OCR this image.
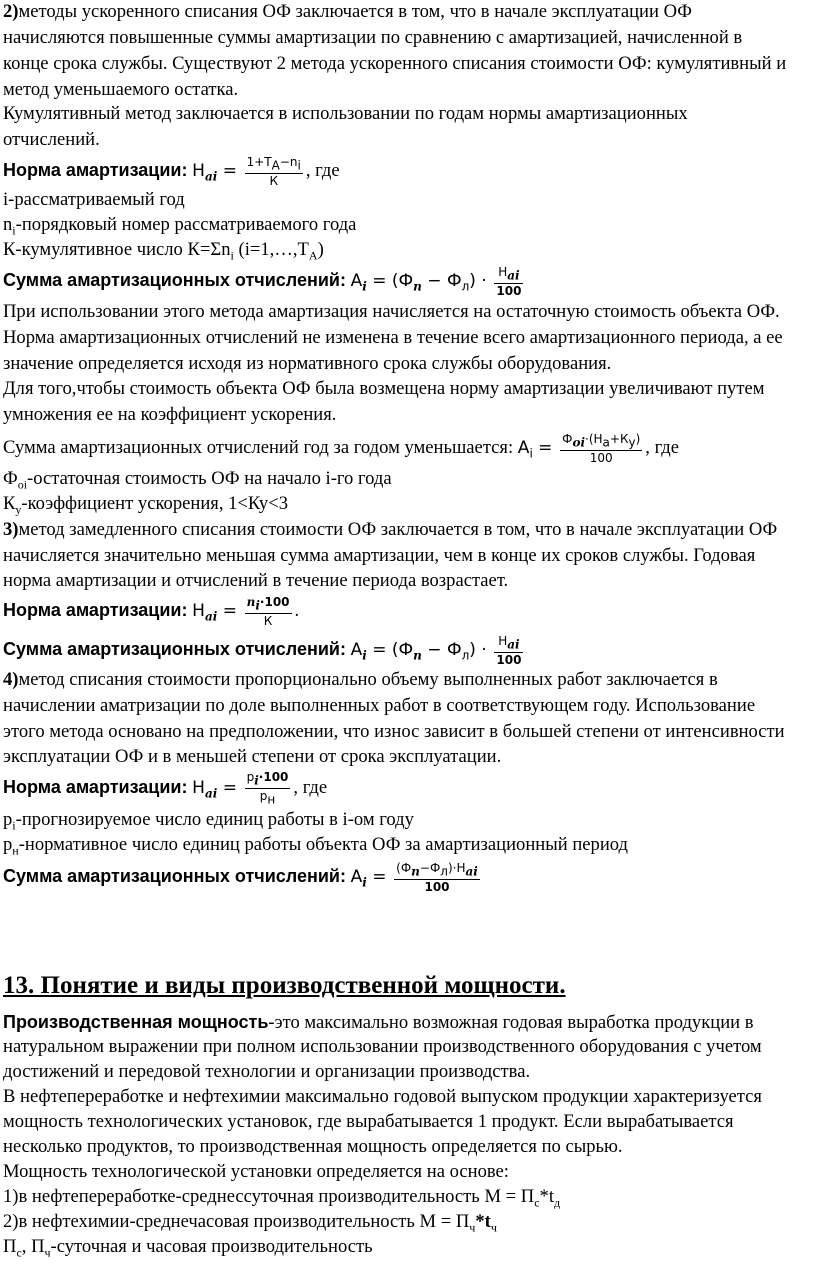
2)методы ускоренного списания ОФ заключается в том, что в начале эксплуатации ОФ
начисляются повышенные суммы амартизации по сравнению с амартизацией, начисленной в
конце срока службы. Существуют 2 метода ускоренного списания стоимости ОФ: кумулятивный и
метод уменьшаемого остатка.
Кумулятивный метод заключается в использовании по годам нормы амартизационных
отчислений.
Норма амартизации: $Н_{ai} = \frac{1+Т_А-n_i}{К}$ , где
i-рассматриваемый год
$n_i$-порядковый номер рассматриваемого года
К-кумулятивное число $К=\Sigma n_i$ $(i=1,\dots,Т_А)$
Сумма амартизационных отчислений: $А_i = (Ф_п - Ф_л) \cdot \frac{Н_{ai}}{100}$
При использовании этого метода амартизация начисляется на остаточную стоимость объекта ОФ.
Норма амартизационных отчислений не изменена в течение всего амартизационного периода, а ее
значение определяется исходя из нормативного срока службы оборудования.
Для того,чтобы стоимость объекта ОФ была возмещена норму амартизации увеличивают путем
умножения ее на коэффициент ускорения.
Сумма амартизационных отчислений год за годом уменьшается: $А_i = \frac{Ф_{oi}\cdot(Н_а+К_у)}{100}$ , где
$Ф_{oi}$-остаточная стоимость ОФ на начало i-го года
$К_у$-коэффициент ускорения, 1<Ку<3
3)метод замедленного списания стоимости ОФ заключается в том, что в начале эксплуатации ОФ
начисляется значительно меньшая сумма амартизации, чем в конце их сроков службы. Годовая
норма амартизации и отчислений в течение периода возрастает.
Норма амартизации: $Н_{ai} = \frac{n_i\cdot 100}{К}$ .
Сумма амартизационных отчислений: $А_i = (Ф_п - Ф_л) \cdot \frac{Н_{ai}}{100}$
4)метод списания стоимости пропорционально объему выполненных работ заключается в
начислении аматризации по доле выполненных работ в соответствующем году. Использование
этого метода основано на предположении, что износ зависит в большей степени от интенсивности
эксплуатации ОФ и в меньшей степени от срока эксплуатации.
Норма амартизации: $Н_{ai} = \frac{p_i\cdot 100}{p_н}$ , где
$p_i$-прогнозируемое число единиц работы в i-ом году
$p_н$-нормативное число единиц работы объекта ОФ за амартизационный период
Сумма амартизационных отчислений: $А_i = \frac{(Ф_п-Ф_л)\cdot Н_{ai}}{100}$
13. Понятие и виды производственной мощности.
Производственная мощность-это максимально возможная годовая выработка продукции в
натуральном выражении при полном использовании производственного оборудования с учетом
достижений и передовой технологии и организации производства.
В нефтепереработке и нефтехимии максимально годовой выпуском продукции характеризуется
мощность технологических установок, где вырабатывается 1 продукт. Если вырабатывается
несколько продуктов, то производственная мощность определяется по сырью.
Мощность технологической установки определяется на основе:
1)в нефтепереработке-среднессуточная производительность $М = П_с*t_д$
2)в нефтехимии-среднечасовая производительность $М = П_ч*t_ч$
$П_с$, $П_ч$-суточная и часовая производительность
